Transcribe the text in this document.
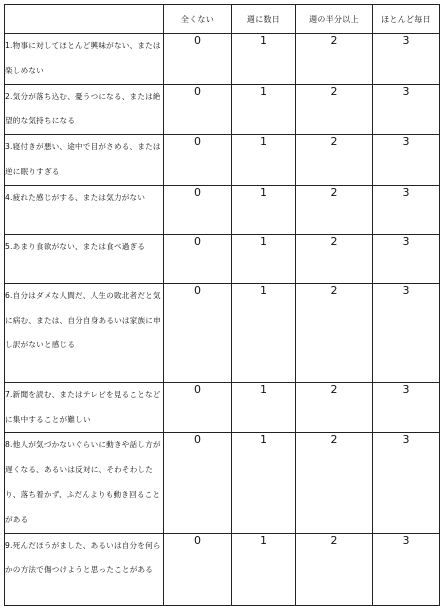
	全くない	週に数日	週の半分以上	ほとんど毎日
1.物事に対してほとんど興味がない、または楽しめない	0	1	2	3
2.気分が落ち込む、憂うつになる、または絶望的な気持ちになる	0	1	2	3
3.寝付きが悪い、途中で目がさめる、または逆に眠りすぎる	0	1	2	3
4.疲れた感じがする、または気力がない	0	1	2	3
5.あまり食欲がない、または食べ過ぎる	0	1	2	3
6.自分はダメな人間だ、人生の敗北者だと気に病む、または、自分自身あるいは家族に申し訳がないと感じる	0	1	2	3
7.新聞を読む、またはテレビを見ることなどに集中することが難しい	0	1	2	3
8.他人が気づかないぐらいに動きや話し方が遅くなる、あるいは反対に、そわそわしたり、落ち着かず、ふだんよりも動き回ることがある	0	1	2	3
9.死んだほうがました、あるいは自分を何らかの方法で傷つけようと思ったことがある	0	1	2	3
